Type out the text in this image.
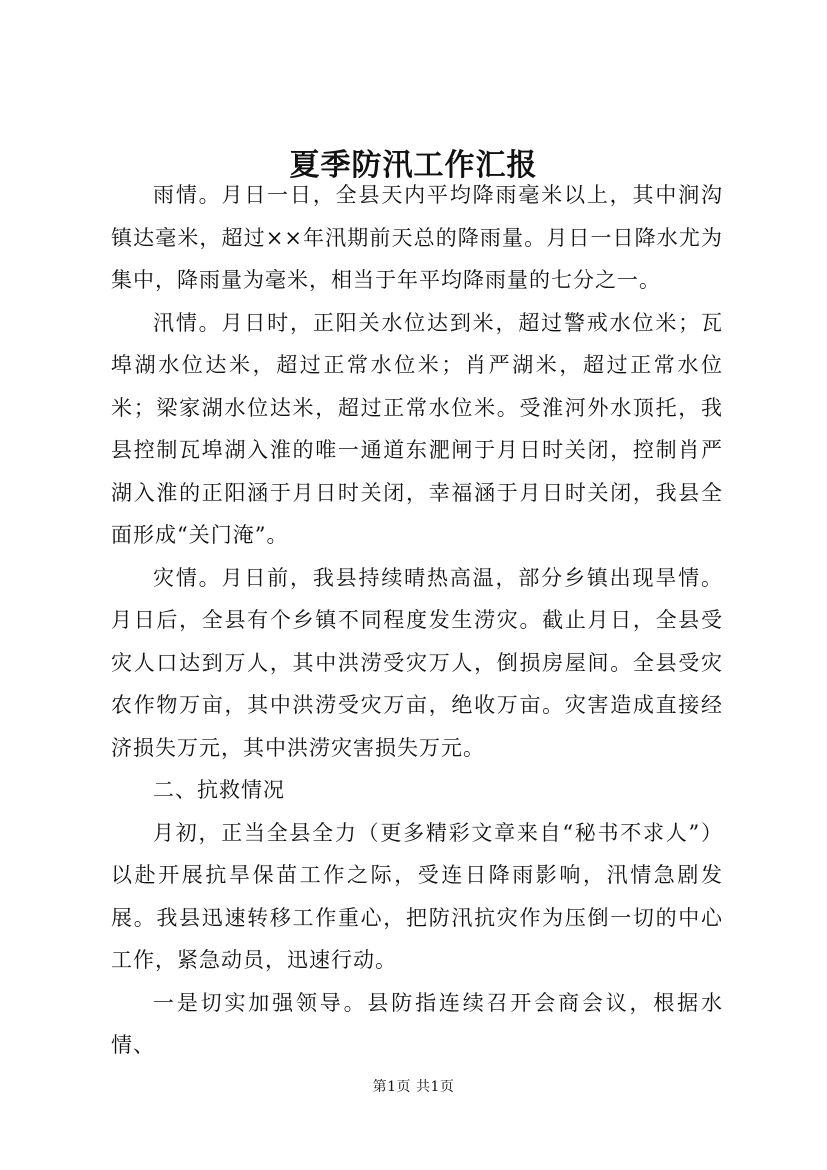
夏季防汛工作汇报

雨情。月日一日，全县天内平均降雨毫米以上，其中涧沟镇达毫米，超过××年汛期前天总的降雨量。月日一日降水尤为集中，降雨量为毫米，相当于年平均降雨量的七分之一。

汛情。月日时，正阳关水位达到米，超过警戒水位米；瓦埠湖水位达米，超过正常水位米；肖严湖米，超过正常水位米；梁家湖水位达米，超过正常水位米。受淮河外水顶托，我县控制瓦埠湖入淮的唯一通道东淝闸于月日时关闭，控制肖严湖入淮的正阳涵于月日时关闭，幸福涵于月日时关闭，我县全面形成“关门淹”。

灾情。月日前，我县持续晴热高温，部分乡镇出现旱情。月日后，全县有个乡镇不同程度发生涝灾。截止月日，全县受灾人口达到万人，其中洪涝受灾万人，倒损房屋间。全县受灾农作物万亩，其中洪涝受灾万亩，绝收万亩。灾害造成直接经济损失万元，其中洪涝灾害损失万元。

二、抗救情况

月初，正当全县全力（更多精彩文章来自“秘书不求人”）以赴开展抗旱保苗工作之际，受连日降雨影响，汛情急剧发展。我县迅速转移工作重心，把防汛抗灾作为压倒一切的中心工作，紧急动员，迅速行动。

一是切实加强领导。县防指连续召开会商会议，根据水情、

第1页 共1页
